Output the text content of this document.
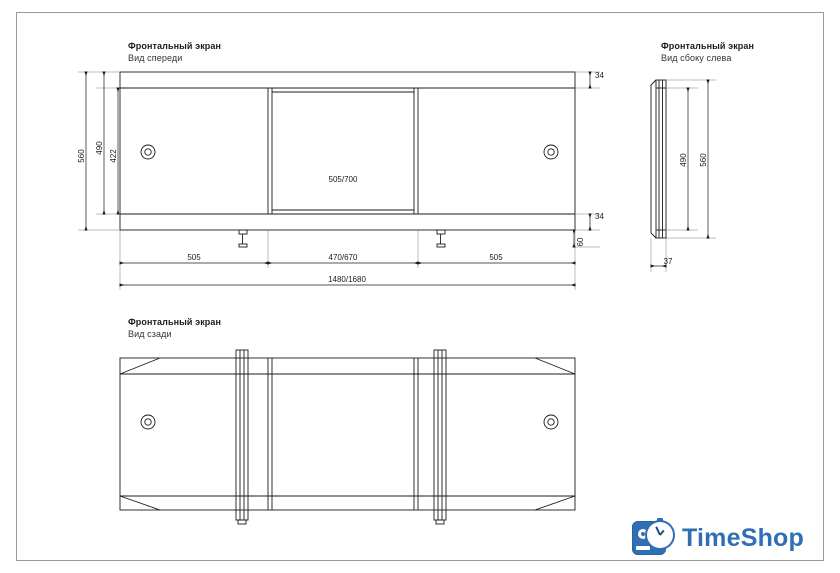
Фронтальный экран
Вид спереди
Фронтальный экран
Вид сбоку слева
Фронтальный экран
Вид сзади
560
490
422
34
34
60
505/700
505	470/670	505
1480/1680
490 560
37
TimeShop
